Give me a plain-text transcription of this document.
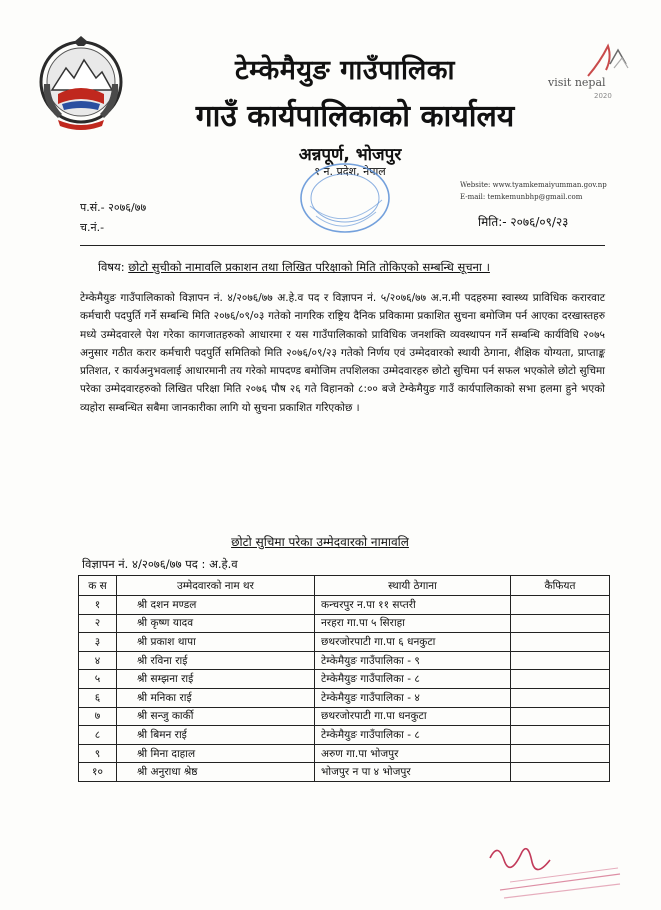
visit nepal
2020
टेम्केमैयुङ गाउँपालिका
गाउँ कार्यपालिकाको कार्यालय
अन्नपूर्ण, भोजपुर
१ नं. प्रदेश, नेपाल
Website: www.tyamkemaiyumman.gov.np
E-mail: temkemunbhp@gmail.com
प.सं.- २०७६/७७
च.नं.-	मिति:- २०७६/०९/२३
विषय: छोटो सुचीको नामावलि प्रकाशन तथा लिखित परिक्षाको मिति तोकिएको सम्बन्धि सूचना ।
टेम्केमैयुङ गाउँपालिकाको विज्ञापन नं. ४/२०७६/७७ अ.हे.व पद र विज्ञापन नं. ५/२०७६/७७ अ.न.मी पदहरुमा स्वास्थ्य प्राविधिक करारवाट कर्मचारी पदपुर्ति गर्ने सम्बन्धि मिति २०७६/०९/०३ गतेको नागरिक राष्ट्रिय दैनिक प्रविकामा प्रकाशित सुचना बमोजिम पर्न आएका दरखास्तहरु मध्ये उम्मेदवारले पेश गरेका कागजातहरुको आधारमा र यस गाउँपालिकाको प्राविधिक जनशक्ति व्यवस्थापन गर्ने सम्बन्धि कार्यविधि २०७५ अनुसार गठीत करार कर्मचारी पदपुर्ति समितिको मिति २०७६/०९/२३ गतेको निर्णय एवं उम्मेदवारको स्थायी ठेगाना, शैक्षिक योग्यता, प्राप्ताङ्क प्रतिशत, र कार्यअनुभवलाई आधारमानी तय गरेको मापदण्ड बमोजिम तपशिलका उम्मेदवारहरु छोटो सुचिमा पर्न सफल भएकोले छोटो सुचिमा परेका उम्मेदवारहरुको लिखित परिक्षा मिति २०७६ पौष २६ गते विहानको ८:०० बजे टेम्केमैयुङ गाउँ कार्यपालिकाको सभा हलमा हुने भएको व्यहोरा सम्बन्धित सबैमा जानकारीका लागि यो सुचना प्रकाशित गरिएकोछ ।
छोटो सुचिमा परेका उम्मेदवारको नामावलि
विज्ञापन नं. ४/२०७६/७७ पद : अ.हे.व
क स	उम्मेदवारको नाम थर	स्थायी ठेगाना	कैफियत
१	श्री दशन मण्डल	कन्चरपुर न.पा ११ सप्तरी	
२	श्री कृष्ण यादव	नरहरा गा.पा ५ सिराहा	
३	श्री प्रकाश थापा	छथरजोरपाटी गा.पा ६ धनकुटा	
४	श्री रविना राई	टेम्केमैयुङ गाउँपालिका - ९	
५	श्री सम्झना राई	टेम्केमैयुङ गाउँपालिका - ८	
६	श्री मनिका राई	टेम्केमैयुङ गाउँपालिका - ४	
७	श्री सन्जु कार्की	छथरजोरपाटी गा.पा धनकुटा	
८	श्री बिमन राई	टेम्केमैयुङ गाउँपालिका - ८	
९	श्री मिना दाहाल	अरुण गा.पा भोजपुर	
१०	श्री अनुराधा श्रेष्ठ	भोजपुर न पा ४ भोजपुर	
